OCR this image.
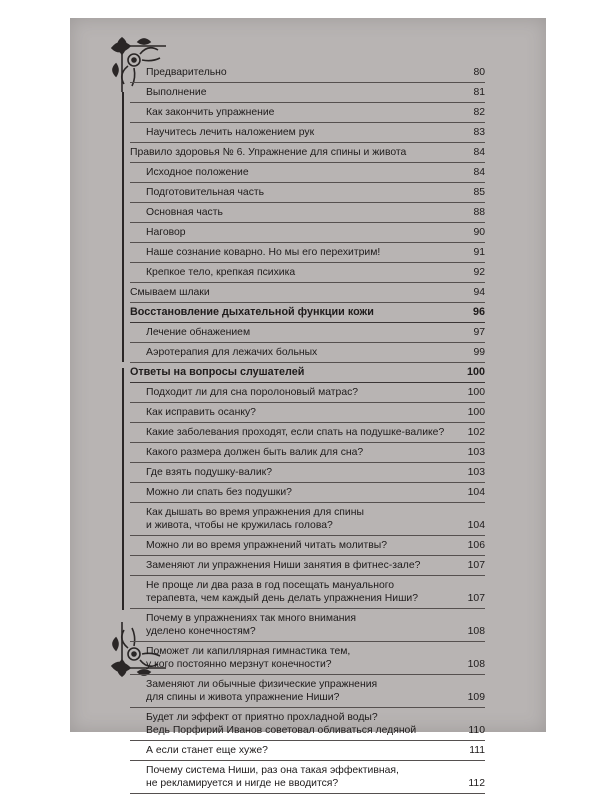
Предварительно	80
Выполнение	81
Как закончить упражнение	82
Научитесь лечить наложением рук	83
Правило здоровья № 6. Упражнение для спины и живота	84
Исходное положение	84
Подготовительная часть	85
Основная часть	88
Наговор	90
Наше сознание коварно. Но мы его перехитрим!	91
Крепкое тело, крепкая психика	92
Смываем шлаки	94
Восстановление дыхательной функции кожи	96
Лечение обнажением	97
Аэротерапия для лежачих больных	99
Ответы на вопросы слушателей	100
Подходит ли для сна поролоновый матрас?	100
Как исправить осанку?	100
Какие заболевания проходят, если спать на подушке-валике?	102
Какого размера должен быть валик для сна?	103
Где взять подушку-валик?	103
Можно ли спать без подушки?	104
Как дышать во время упражнения для спины
и живота, чтобы не кружилась голова?	104
Можно ли во время упражнений читать молитвы?	106
Заменяют ли упражнения Ниши занятия в фитнес-зале?	107
Не проще ли два раза в год посещать мануального
терапевта, чем каждый день делать упражнения Ниши?	107
Почему в упражнениях так много внимания
уделено конечностям?	108
Поможет ли капиллярная гимнастика тем,
у кого постоянно мерзнут конечности?	108
Заменяют ли обычные физические упражнения
для спины и живота упражнение Ниши?	109
Будет ли эффект от приятно прохладной воды?
Ведь Порфирий Иванов советовал обливаться ледяной	110
А если станет еще хуже?	111
Почему система Ниши, раз она такая эффективная,
не рекламируется и нигде не вводится?	112
